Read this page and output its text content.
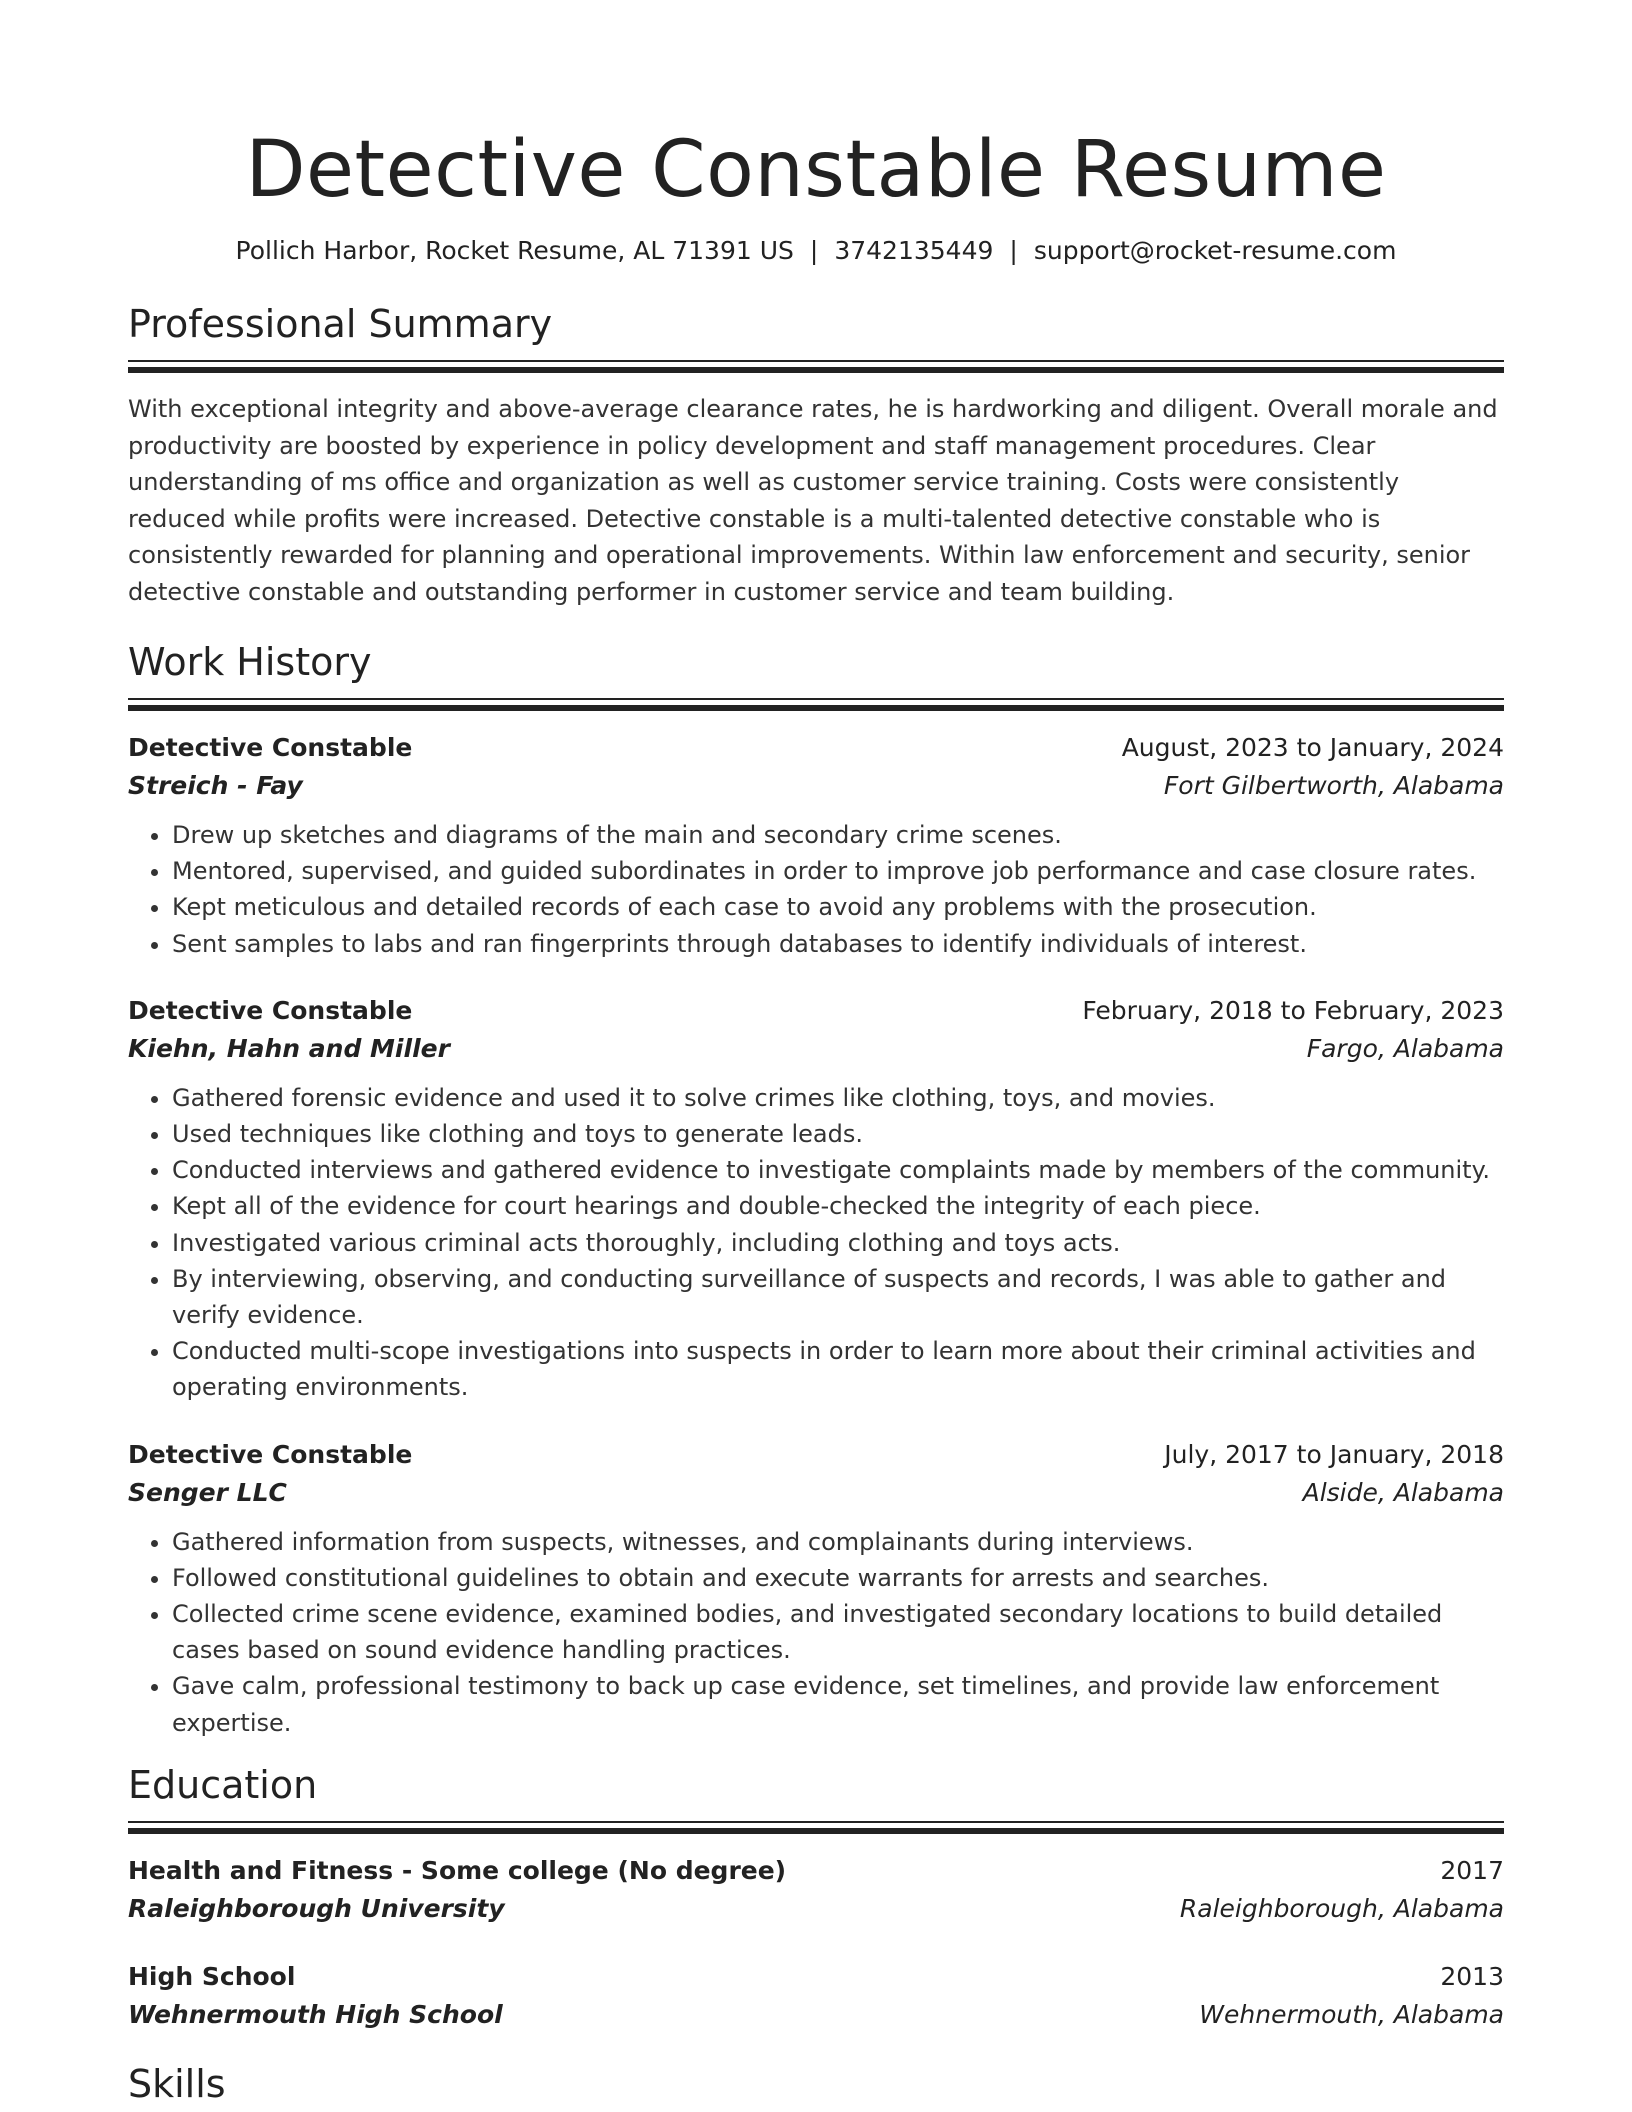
Detective Constable Resume
Pollich Harbor, Rocket Resume, AL 71391 US | 3742135449 | support@rocket-resume.com
Professional Summary
With exceptional integrity and above-average clearance rates, he is hardworking and diligent. Overall morale and productivity are boosted by experience in policy development and staff management procedures. Clear understanding of ms office and organization as well as customer service training. Costs were consistently reduced while profits were increased. Detective constable is a multi-talented detective constable who is consistently rewarded for planning and operational improvements. Within law enforcement and security, senior detective constable and outstanding performer in customer service and team building.
Work History
Detective Constable	August, 2023 to January, 2024
Streich - Fay	Fort Gilbertworth, Alabama
• Drew up sketches and diagrams of the main and secondary crime scenes.
• Mentored, supervised, and guided subordinates in order to improve job performance and case closure rates.
• Kept meticulous and detailed records of each case to avoid any problems with the prosecution.
• Sent samples to labs and ran fingerprints through databases to identify individuals of interest.
Detective Constable	February, 2018 to February, 2023
Kiehn, Hahn and Miller	Fargo, Alabama
• Gathered forensic evidence and used it to solve crimes like clothing, toys, and movies.
• Used techniques like clothing and toys to generate leads.
• Conducted interviews and gathered evidence to investigate complaints made by members of the community.
• Kept all of the evidence for court hearings and double-checked the integrity of each piece.
• Investigated various criminal acts thoroughly, including clothing and toys acts.
• By interviewing, observing, and conducting surveillance of suspects and records, I was able to gather and verify evidence.
• Conducted multi-scope investigations into suspects in order to learn more about their criminal activities and operating environments.
Detective Constable	July, 2017 to January, 2018
Senger LLC	Alside, Alabama
• Gathered information from suspects, witnesses, and complainants during interviews.
• Followed constitutional guidelines to obtain and execute warrants for arrests and searches.
• Collected crime scene evidence, examined bodies, and investigated secondary locations to build detailed cases based on sound evidence handling practices.
• Gave calm, professional testimony to back up case evidence, set timelines, and provide law enforcement expertise.
Education
Health and Fitness - Some college (No degree)	2017
Raleighborough University	Raleighborough, Alabama
High School	2013
Wehnermouth High School	Wehnermouth, Alabama
Skills
